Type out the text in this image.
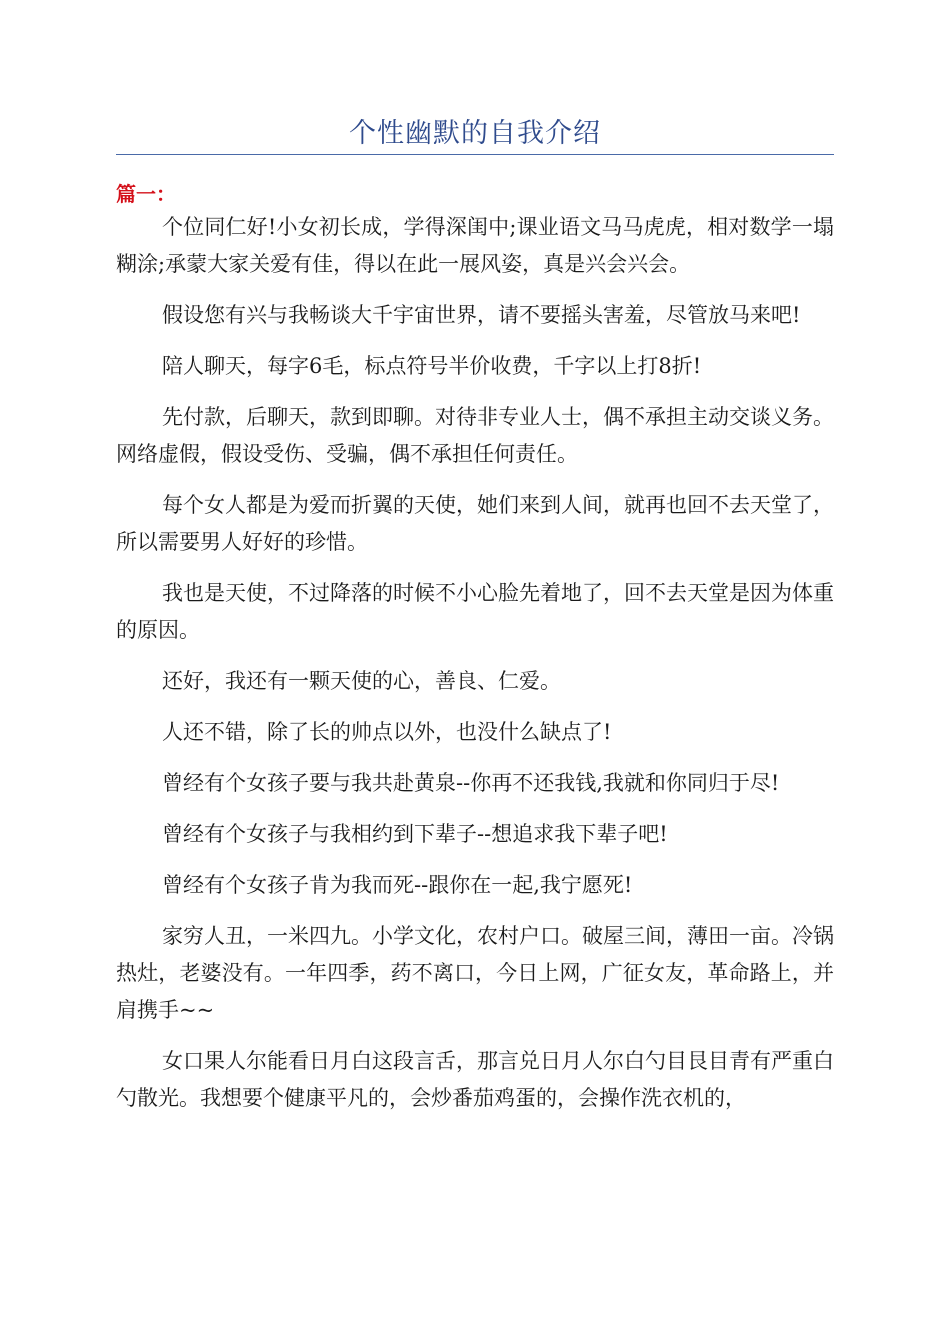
个性幽默的自我介绍
篇一：

个位同仁好!小女初长成，学得深闺中;课业语文马马虎虎，相对数学一塌糊涂;承蒙大家关爱有佳，得以在此一展风姿，真是兴会兴会。

假设您有兴与我畅谈大千宇宙世界，请不要摇头害羞，尽管放马来吧!

陪人聊天，每字6毛，标点符号半价收费，千字以上打8折!

先付款，后聊天，款到即聊。对待非专业人士，偶不承担主动交谈义务。网络虚假，假设受伤、受骗，偶不承担任何责任。

每个女人都是为爱而折翼的天使，她们来到人间，就再也回不去天堂了，所以需要男人好好的珍惜。

我也是天使，不过降落的时候不小心脸先着地了，回不去天堂是因为体重的原因。

还好，我还有一颗天使的心，善良、仁爱。

人还不错，除了长的帅点以外，也没什么缺点了!

曾经有个女孩子要与我共赴黄泉--你再不还我钱,我就和你同归于尽!

曾经有个女孩子与我相约到下辈子--想追求我下辈子吧!

曾经有个女孩子肯为我而死--跟你在一起,我宁愿死!

家穷人丑，一米四九。小学文化，农村户口。破屋三间，薄田一亩。冷锅热灶，老婆没有。一年四季，药不离口，今日上网，广征女友，革命路上，并肩携手~~

女口果人尔能看日月白这段言舌，那言兑日月人尔白勺目艮目青有严重白勺散光。我想要个健康平凡的，会炒番茄鸡蛋的，会操作洗衣机的，
